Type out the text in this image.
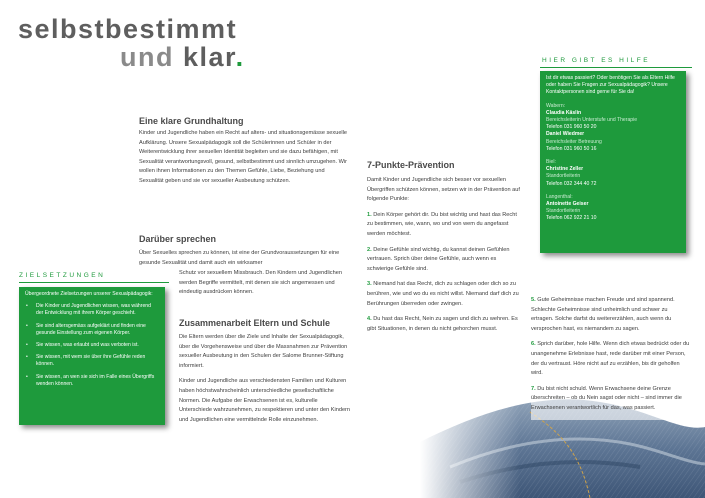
selbstbestimmt
und klar.
Eine klare Grundhaltung

Kinder und Jugendliche haben ein Recht auf alters- und situationsgemässe sexuelle Aufklärung. Unsere Sexualpädagogik soll die Schülerinnen und Schüler in der Weiterentwicklung ihrer sexuellen Identität begleiten und sie dazu befähigen, mit Sexualität verantwortungsvoll, gesund, selbstbestimmt und sinnlich umzugehen. Wir wollen ihnen Informationen zu den Themen Gefühle, Liebe, Beziehung und Sexualität geben und sie vor sexueller Ausbeutung schützen.

Darüber sprechen
Über Sexuelles sprechen zu können, ist eine der Grundvoraussetzungen für eine gesunde Sexualität und damit auch ein wirksamer
Schutz vor sexuellem Missbrauch. Den Kindern und Jugendlichen werden Begriffe vermittelt, mit denen sie sich angemessen und eindeutig ausdrücken können.
Zusammenarbeit Eltern und Schule

Die Eltern werden über die Ziele und Inhalte der Sexualpädagogik, über die Vorgehensweise und über die Massnahmen zur Prävention sexueller Ausbeutung in den Schulen der Salome Brunner-Stiftung informiert.

Kinder und Jugendliche aus verschiedensten Familien und Kulturen haben höchstwahrscheinlich unterschiedliche gesellschaftliche Normen. Die Aufgabe der Erwachsenen ist es, kulturelle Unterschiede wahrzunehmen, zu respektieren und unter den Kindern und Jugendlichen eine vermittelnde Rolle einzunehmen.

ZIELSETZUNGEN
Übergeordnete Zielsetzungen unserer Sexualpädagogik:
• Die Kinder und Jugendlichen wissen, was während der Entwicklung mit ihrem Körper geschieht.
• Sie sind altersgemäss aufgeklärt und finden eine gesunde Einstellung zum eigenen Körper.
• Sie wissen, was erlaubt und was verboten ist.
• Sie wissen, mit wem sie über ihre Gefühle reden können.
• Sie wissen, an wen sie sich im Falle eines Übergriffs wenden können.
7-Punkte-Prävention

Damit Kinder und Jugendliche sich besser vor sexuellen Übergriffen schützen können, setzen wir in der Prävention auf folgende Punkte:

1. Dein Körper gehört dir. Du bist wichtig und hast das Recht zu bestimmen, wie, wann, wo und von wem du angefasst werden möchtest.

2. Deine Gefühle sind wichtig, du kannst deinen Gefühlen vertrauen. Sprich über deine Gefühle, auch wenn es schwierige Gefühle sind.

3. Niemand hat das Recht, dich zu schlagen oder dich so zu berühren, wie und wo du es nicht willst. Niemand darf dich zu Berührungen überreden oder zwingen.

4. Du hast das Recht, Nein zu sagen und dich zu wehren. Es gibt Situationen, in denen du nicht gehorchen musst.

5. Gute Geheimnisse machen Freude und sind spannend. Schlechte Geheimnisse sind unheimlich und schwer zu ertragen. Solche darfst du weitererzählen, auch wenn du versprochen hast, es niemandem zu sagen.

6. Sprich darüber, hole Hilfe. Wenn dich etwas bedrückt oder du unangenehme Erlebnisse hast, rede darüber mit einer Person, der du vertraust. Höre nicht auf zu erzählen, bis dir geholfen wird.

7. Du bist nicht schuld. Wenn Erwachsene deine Grenze überschreiten – ob du Nein sagst oder nicht – sind immer die Erwachsenen verantwortlich für das, was passiert.

HIER GIBT ES HILFE
Ist dir etwas passiert? Oder benötigen Sie als Eltern Hilfe oder haben Sie Fragen zur Sexualpädagogik? Unsere Kontaktpersonen sind gerne für Sie da!
Wabern:
Claudia Käslin
Bereichsleiterin Unterstufe und Therapie
Telefon 031 960 50 20
Daniel Wiedmer
Bereichsleiter Betreuung
Telefon 031 960 50 16
Biel:
Christine Zeller
Standortleiterin
Telefon 032 344 40 72
Langenthal:
Antoinette Geiser
Standortleiterin
Telefon 062 922 21 10
